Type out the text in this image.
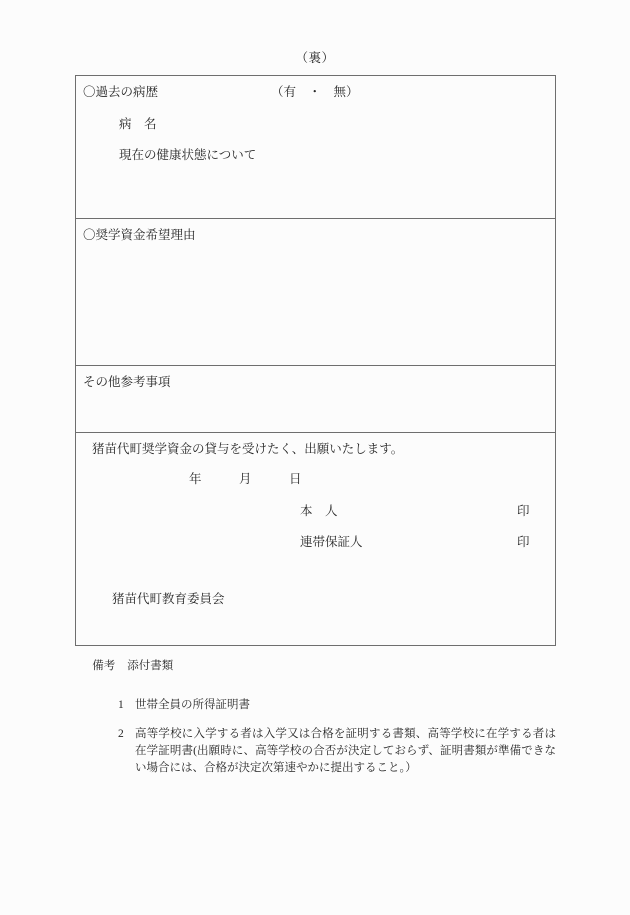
（裏）
〇過去の病歴	（有　・　無）
病　名
現在の健康状態について
〇奨学資金希望理由
その他参考事項
猪苗代町奨学資金の貸与を受けたく、出願いたします。
年　　　月　　　日
本　人	印
連帯保証人	印
猪苗代町教育委員会

備考 添付書類

1 世帯全員の所得証明書
2 高等学校に入学する者は入学又は合格を証明する書類、高等学校に在学する者は在学証明書(出願時に、高等学校の合否が決定しておらず、証明書類が準備できない場合には、合格が決定次第速やかに提出すること。）
